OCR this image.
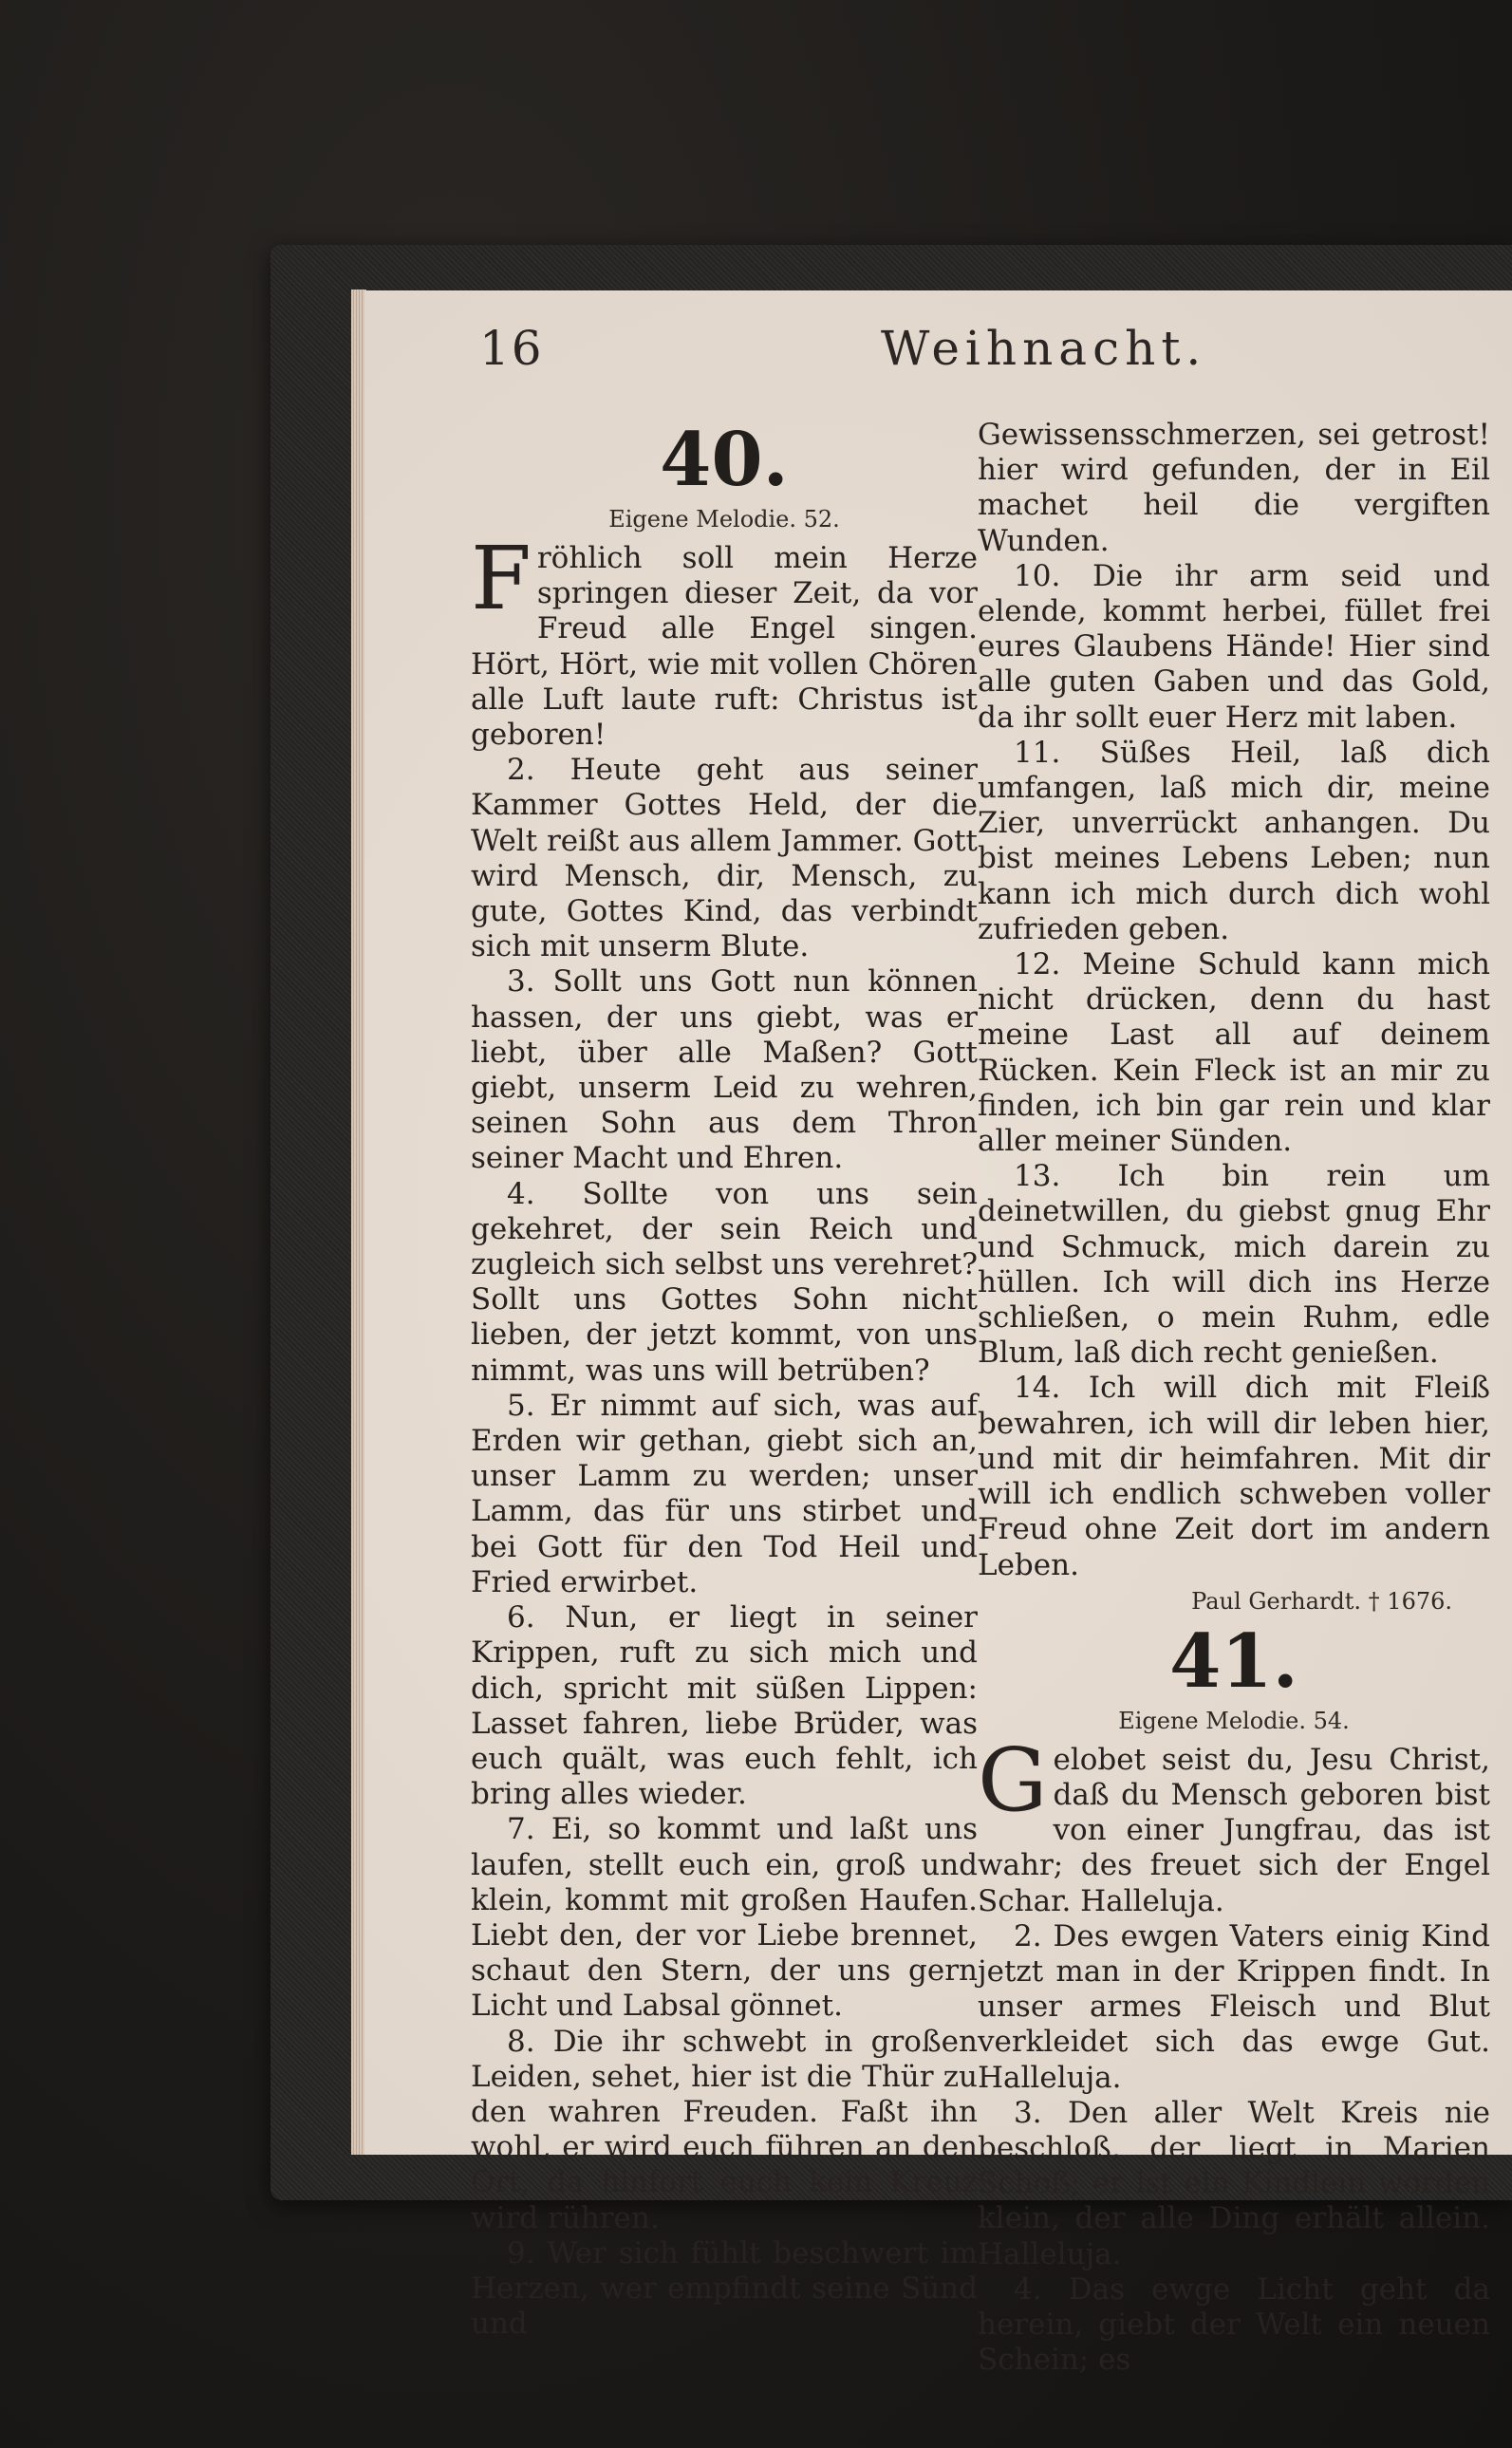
16	Weihnacht.
40.
Eigene Melodie. 52.

Fröhlich soll mein Herze springen dieser Zeit, da vor Freud alle Engel singen. Hört, Hört, wie mit vollen Chören alle Luft laute ruft: Christus ist geboren!

2. Heute geht aus seiner Kammer Gottes Held, der die Welt reißt aus allem Jammer. Gott wird Mensch, dir, Mensch, zu gute, Gottes Kind, das verbindt sich mit unserm Blute.

3. Sollt uns Gott nun können hassen, der uns giebt, was er liebt, über alle Maßen? Gott giebt, unserm Leid zu wehren, seinen Sohn aus dem Thron seiner Macht und Ehren.

4. Sollte von uns sein gekehret, der sein Reich und zugleich sich selbst uns verehret? Sollt uns Gottes Sohn nicht lieben, der jetzt kommt, von uns nimmt, was uns will betrüben?

5. Er nimmt auf sich, was auf Erden wir gethan, giebt sich an, unser Lamm zu werden; unser Lamm, das für uns stirbet und bei Gott für den Tod Heil und Fried erwirbet.

6. Nun, er liegt in seiner Krippen, ruft zu sich mich und dich, spricht mit süßen Lippen: Lasset fahren, liebe Brüder, was euch quält, was euch fehlt, ich bring alles wieder.

7. Ei, so kommt und laßt uns laufen, stellt euch ein, groß und klein, kommt mit großen Haufen. Liebt den, der vor Liebe brennet, schaut den Stern, der uns gern Licht und Labsal gönnet.

8. Die ihr schwebt in großen Leiden, sehet, hier ist die Thür zu den wahren Freuden. Faßt ihn wohl, er wird euch führen an den Ort, da hinfort euch kein Kreuz wird rühren.

9. Wer sich fühlt beschwert im Herzen, wer empfindt seine Sünd und

Gewissensschmerzen, sei getrost! hier wird gefunden, der in Eil machet heil die vergiften Wunden.

10. Die ihr arm seid und elende, kommt herbei, füllet frei eures Glaubens Hände! Hier sind alle guten Gaben und das Gold, da ihr sollt euer Herz mit laben.

11. Süßes Heil, laß dich umfangen, laß mich dir, meine Zier, unverrückt anhangen. Du bist meines Lebens Leben; nun kann ich mich durch dich wohl zufrieden geben.

12. Meine Schuld kann mich nicht drücken, denn du hast meine Last all auf deinem Rücken. Kein Fleck ist an mir zu finden, ich bin gar rein und klar aller meiner Sünden.

13. Ich bin rein um deinetwillen, du giebst gnug Ehr und Schmuck, mich darein zu hüllen. Ich will dich ins Herze schließen, o mein Ruhm, edle Blum, laß dich recht genießen.

14. Ich will dich mit Fleiß bewahren, ich will dir leben hier, und mit dir heimfahren. Mit dir will ich endlich schweben voller Freud ohne Zeit dort im andern Leben.

Paul Gerhardt. † 1676.
41.
Eigene Melodie. 54.

Gelobet seist du, Jesu Christ, daß du Mensch geboren bist von einer Jungfrau, das ist wahr; des freuet sich der Engel Schar. Halleluja.

2. Des ewgen Vaters einig Kind jetzt man in der Krippen findt. In unser armes Fleisch und Blut verkleidet sich das ewge Gut. Halleluja.

3. Den aller Welt Kreis nie beschloß, der liegt in Marien Schoß; er ist ein Kindlein worden klein, der alle Ding erhält allein. Halleluja.

4. Das ewge Licht geht da herein, giebt der Welt ein neuen Schein; es
